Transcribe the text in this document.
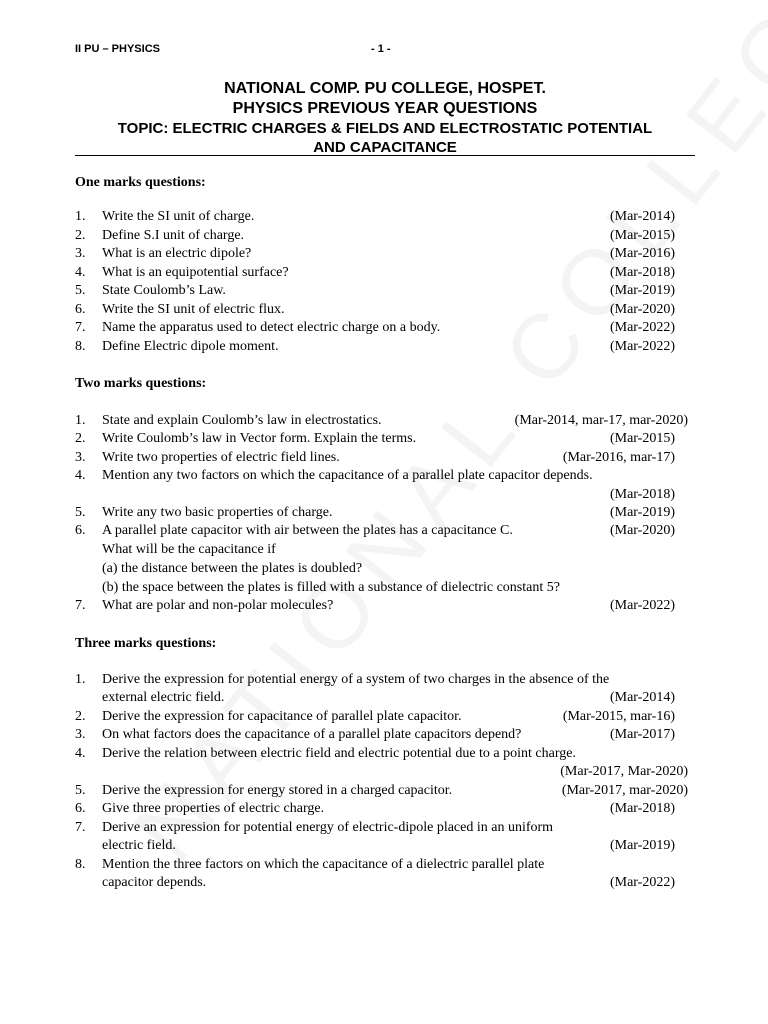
II PU – PHYSICS	- 1 -
NATIONAL COMP. PU COLLEGE, HOSPET.
PHYSICS PREVIOUS YEAR QUESTIONS
TOPIC: ELECTRIC CHARGES & FIELDS AND ELECTROSTATIC POTENTIAL
AND CAPACITANCE
One marks questions:
1. Write the SI unit of charge.	(Mar-2014)
2. Define S.I unit of charge.	(Mar-2015)
3. What is an electric dipole?	(Mar-2016)
4. What is an equipotential surface?	(Mar-2018)
5. State Coulomb’s Law.	(Mar-2019)
6. Write the SI unit of electric flux.	(Mar-2020)
7. Name the apparatus used to detect electric charge on a body.	(Mar-2022)
8. Define Electric dipole moment.	(Mar-2022)
Two marks questions:
1. State and explain Coulomb’s law in electrostatics.	(Mar-2014, mar-17, mar-2020)
2. Write Coulomb’s law in Vector form. Explain the terms.	(Mar-2015)
3. Write two properties of electric field lines.	(Mar-2016, mar-17)
4. Mention any two factors on which the capacitance of a parallel plate capacitor depends.
(Mar-2018)
5. Write any two basic properties of charge.	(Mar-2019)
6. A parallel plate capacitor with air between the plates has a capacitance C.	(Mar-2020)
What will be the capacitance if
(a) the distance between the plates is doubled?
(b) the space between the plates is filled with a substance of dielectric constant 5?
7. What are polar and non-polar molecules?	(Mar-2022)
Three marks questions:
1. Derive the expression for potential energy of a system of two charges in the absence of the
external electric field.	(Mar-2014)
2. Derive the expression for capacitance of parallel plate capacitor.	(Mar-2015, mar-16)
3. On what factors does the capacitance of a parallel plate capacitors depend?	(Mar-2017)
4. Derive the relation between electric field and electric potential due to a point charge.
(Mar-2017, Mar-2020)
5. Derive the expression for energy stored in a charged capacitor.	(Mar-2017, mar-2020)
6. Give three properties of electric charge.	(Mar-2018)
7. Derive an expression for potential energy of electric-dipole placed in an uniform
electric field.	(Mar-2019)
8. Mention the three factors on which the capacitance of a dielectric parallel plate
capacitor depends.	(Mar-2022)
